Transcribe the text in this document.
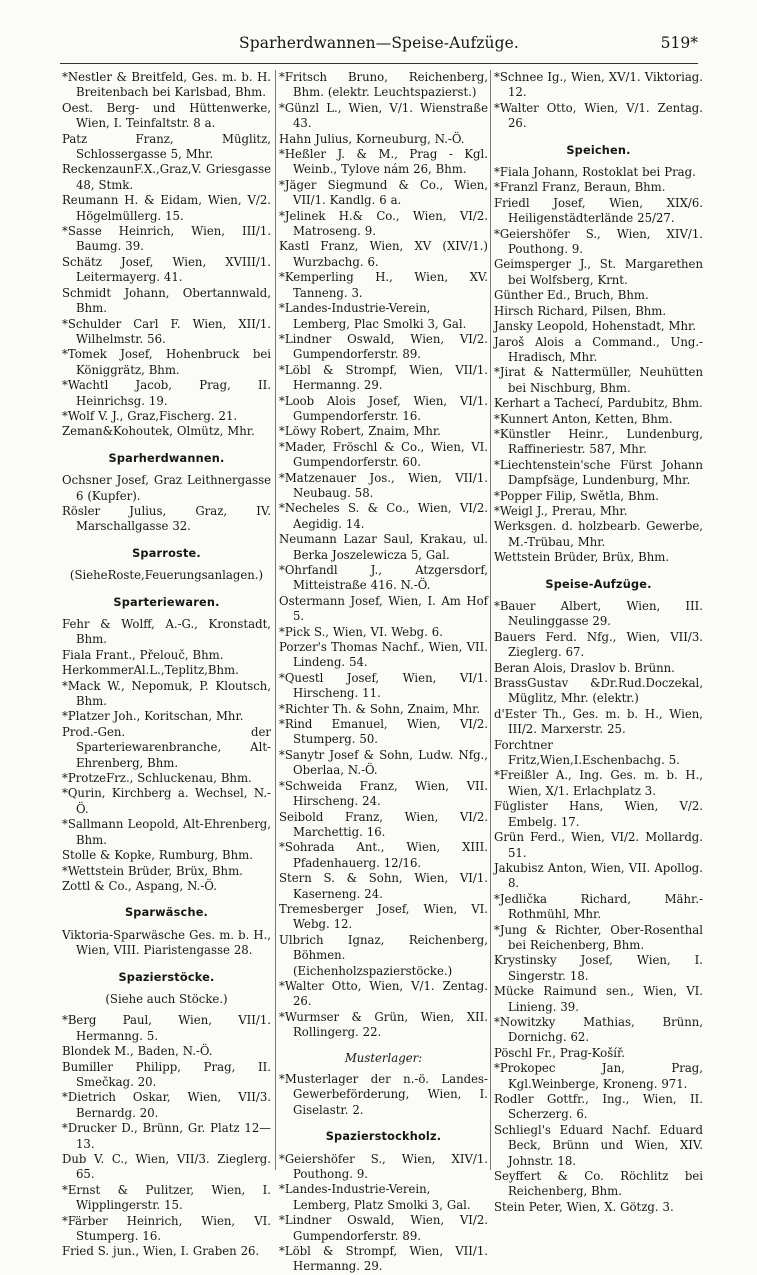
Sparherdwannen—Speise-Aufzüge.	519*
*Nestler & Breitfeld, Ges. m. b. H. Breitenbach bei Karlsbad, Bhm.
Oest. Berg- und Hüttenwerke, Wien, I. Teinfaltstr. 8 a.
Patz Franz, Müglitz, Schlossergasse 5, Mhr.
ReckenzaunF.X.,Graz,V. Griesgasse 48, Stmk.
Reumann H. & Eidam, Wien, V/2. Högelmüllerg. 15.
*Sasse Heinrich, Wien, III/1. Baumg. 39.
Schätz Josef, Wien, XVIII/1. Leitermayerg. 41.
Schmidt Johann, Obertannwald, Bhm.
*Schulder Carl F. Wien, XII/1. Wilhelmstr. 56.
*Tomek Josef, Hohenbruck bei Königgrätz, Bhm.
*Wachtl Jacob, Prag, II. Heinrichsg. 19.
*Wolf V. J., Graz,Fischerg. 21.
Zeman&Kohoutek, Olmütz, Mhr.
Sparherdwannen.
Ochsner Josef, Graz Leithnergasse 6 (Kupfer).
Rösler Julius, Graz, IV. Marschallgasse 32.
Sparroste.
(SieheRoste,Feuerungsanlagen.)
Sparteriewaren.
Fehr & Wolff, A.-G., Kronstadt, Bhm.
Fiala Frant., Přelouč, Bhm.
HerkommerAl.L.,Teplitz,Bhm.
*Mack W., Nepomuk, P. Kloutsch, Bhm.
*Platzer Joh., Koritschan, Mhr.
Prod.-Gen. der Sparteriewarenbranche, Alt-Ehrenberg, Bhm.
*ProtzeFrz., Schluckenau, Bhm.
*Qurin, Kirchberg a. Wechsel, N.-Ö.
*Sallmann Leopold, Alt-Ehrenberg, Bhm.
Stolle & Kopke, Rumburg, Bhm.
*Wettstein Brüder, Brüx, Bhm.
Zottl & Co., Aspang, N.-Ö.
Sparwäsche.
Viktoria-Sparwäsche Ges. m. b. H., Wien, VIII. Piaristengasse 28.
Spazierstöcke.
(Siehe auch Stöcke.)
*Berg Paul, Wien, VII/1. Hermanng. 5.
Blondek M., Baden, N.-Ö.
Bumiller Philipp, Prag, II. Smečkag. 20.
*Dietrich Oskar, Wien, VII/3. Bernardg. 20.
*Drucker D., Brünn, Gr. Platz 12—13.
Dub V. C., Wien, VII/3. Zieglerg. 65.
*Ernst & Pulitzer, Wien, I. Wipplingerstr. 15.
*Färber Heinrich, Wien, VI. Stumperg. 16.
Fried S. jun., Wien, I. Graben 26.
*Fritsch Bruno, Reichenberg, Bhm. (elektr. Leuchtspazierst.)
*Günzl L., Wien, V/1. Wienstraße 43.
Hahn Julius, Korneuburg, N.-Ö.
*Heßler J. & M., Prag - Kgl. Weinb., Tylove nám 26, Bhm.
*Jäger Siegmund & Co., Wien, VII/1. Kandlg. 6 a.
*Jelinek H.& Co., Wien, VI/2. Matroseng. 9.
Kastl Franz, Wien, XV (XIV/1.) Wurzbachg. 6.
*Kemperling H., Wien, XV. Tanneng. 3.
*Landes-Industrie-Verein, Lemberg, Plac Smolki 3, Gal.
*Lindner Oswald, Wien, VI/2. Gumpendorferstr. 89.
*Löbl & Strompf, Wien, VII/1. Hermanng. 29.
*Loob Alois Josef, Wien, VI/1. Gumpendorferstr. 16.
*Löwy Robert, Znaim, Mhr.
*Mader, Fröschl & Co., Wien, VI. Gumpendorferstr. 60.
*Matzenauer Jos., Wien, VII/1. Neubaug. 58.
*Necheles S. & Co., Wien, VI/2. Aegidig. 14.
Neumann Lazar Saul, Krakau, ul. Berka Joszelewicza 5, Gal.
*Ohrfandl J., Atzgersdorf, Mitteistraße 416. N.-Ö.
Ostermann Josef, Wien, I. Am Hof 5.
*Pick S., Wien, VI. Webg. 6.
Porzer's Thomas Nachf., Wien, VII. Lindeng. 54.
*Questl Josef, Wien, VI/1. Hirscheng. 11.
*Richter Th. & Sohn, Znaim, Mhr.
*Rind Emanuel, Wien, VI/2. Stumperg. 50.
*Sanytr Josef & Sohn, Ludw. Nfg., Oberlaa, N.-Ö.
*Schweida Franz, Wien, VII. Hirscheng. 24.
Seibold Franz, Wien, VI/2. Marchettig. 16.
*Sohrada Ant., Wien, XIII. Pfadenhauerg. 12/16.
Stern S. & Sohn, Wien, VI/1. Kaserneng. 24.
Tremesberger Josef, Wien, VI. Webg. 12.
Ulbrich Ignaz, Reichenberg, Böhmen. (Eichenholzspazierstöcke.)
*Walter Otto, Wien, V/1. Zentag. 26.
*Wurmser & Grün, Wien, XII. Rollingerg. 22.
Musterlager:
*Musterlager der n.-ö. Landes-Gewerbeförderung, Wien, I. Giselastr. 2.
Spazierstockholz.
*Geiershöfer S., Wien, XIV/1. Pouthong. 9.
*Landes-Industrie-Verein, Lemberg, Platz Smolki 3, Gal.
*Lindner Oswald, Wien, VI/2. Gumpendorferstr. 89.
*Löbl & Strompf, Wien, VII/1. Hermanng. 29.
*Schnee Ig., Wien, XV/1. Viktoriag. 12.
*Walter Otto, Wien, V/1. Zentag. 26.
Speichen.
*Fiala Johann, Rostoklat bei Prag.
*Franzl Franz, Beraun, Bhm.
Friedl Josef, Wien, XIX/6. Heiligenstädterlände 25/27.
*Geiershöfer S., Wien, XIV/1. Pouthong. 9.
Geimsperger J., St. Margarethen bei Wolfsberg, Krnt.
Günther Ed., Bruch, Bhm.
Hirsch Richard, Pilsen, Bhm.
Jansky Leopold, Hohenstadt, Mhr.
Jaroš Alois a Command., Ung.-Hradisch, Mhr.
*Jirat & Nattermüller, Neuhütten bei Nischburg, Bhm.
Kerhart a Tachecí, Pardubitz, Bhm.
*Kunnert Anton, Ketten, Bhm.
*Künstler Heinr., Lundenburg, Raffineriestr. 587, Mhr.
*Liechtenstein'sche Fürst Johann Dampfsäge, Lundenburg, Mhr.
*Popper Filip, Swětla, Bhm.
*Weigl J., Prerau, Mhr.
Werksgen. d. holzbearb. Gewerbe, M.-Trübau, Mhr.
Wettstein Brüder, Brüx, Bhm.
Speise-Aufzüge.
*Bauer Albert, Wien, III. Neulinggasse 29.
Bauers Ferd. Nfg., Wien, VII/3. Zieglerg. 67.
Beran Alois, Draslov b. Brünn.
BrassGustav &Dr.Rud.Doczekal, Müglitz, Mhr. (elektr.)
d'Ester Th., Ges. m. b. H., Wien, III/2. Marxerstr. 25.
Forchtner Fritz,Wien,I.Eschenbachg. 5.
*Freißler A., Ing. Ges. m. b. H., Wien, X/1. Erlachplatz 3.
Füglister Hans, Wien, V/2. Embelg. 17.
Grün Ferd., Wien, VI/2. Mollardg. 51.
Jakubisz Anton, Wien, VII. Apollog. 8.
*Jedlička Richard, Mähr.-Rothmühl, Mhr.
*Jung & Richter, Ober-Rosenthal bei Reichenberg, Bhm.
Krystinsky Josef, Wien, I. Singerstr. 18.
Mücke Raimund sen., Wien, VI. Linieng. 39.
*Nowitzky Mathias, Brünn, Dornichg. 62.
Pöschl Fr., Prag-Košíř.
*Prokopec Jan, Prag, Kgl.Weinberge, Kroneng. 971.
Rodler Gottfr., Ing., Wien, II. Scherzerg. 6.
Schliegl's Eduard Nachf. Eduard Beck, Brünn und Wien, XIV. Johnstr. 18.
Seyffert & Co. Röchlitz bei Reichenberg, Bhm.
Stein Peter, Wien, X. Götzg. 3.
